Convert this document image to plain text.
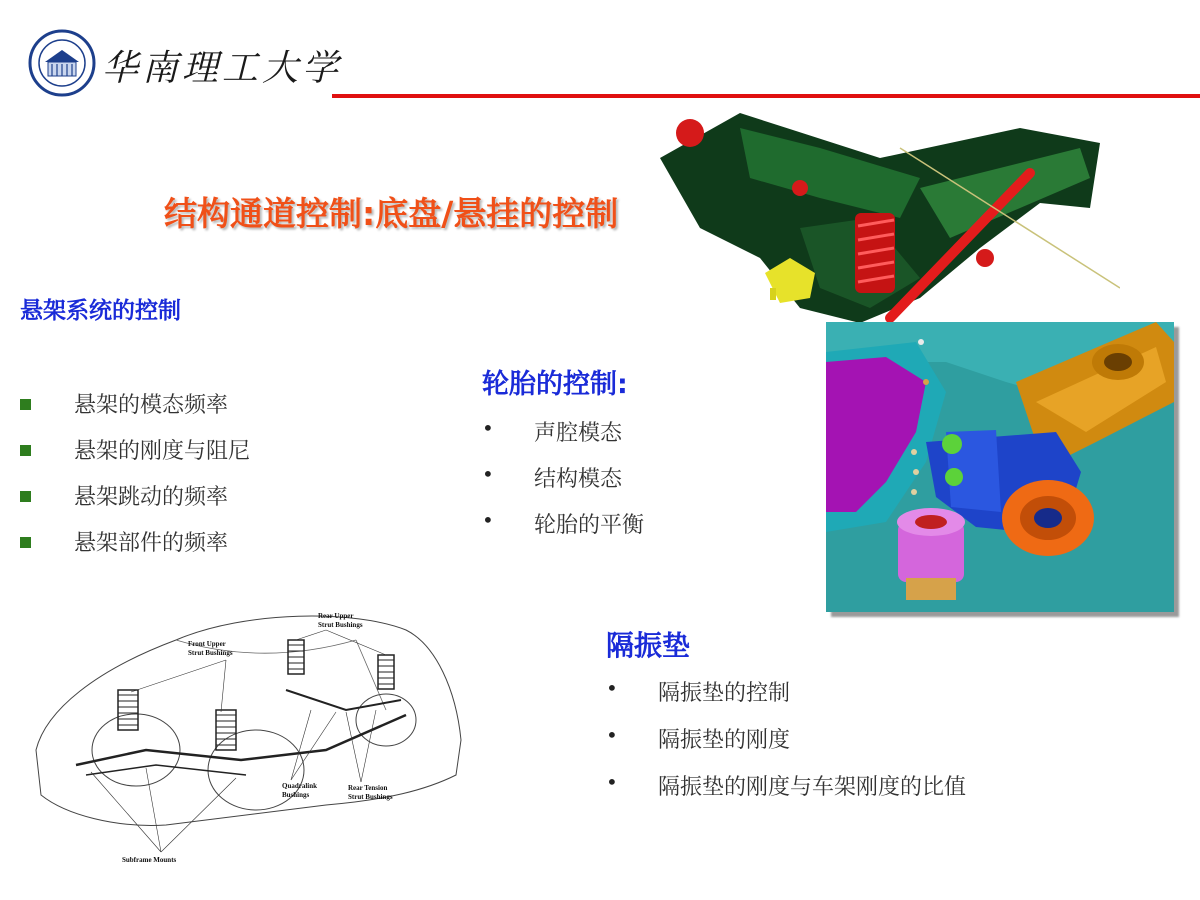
华南理工大学
结构通道控制:底盘/悬挂的控制
悬架系统的控制
悬架的模态频率
悬架的刚度与阻尼
悬架跳动的频率
悬架部件的频率
轮胎的控制:
• 声腔模态
• 结构模态
• 轮胎的平衡
Front Upper
Strut Bushings
Rear Upper
Strut Bushings
Quadralink
Bushings
Rear Tension
Strut Bushings
Subframe Mounts
隔振垫
• 隔振垫的控制
• 隔振垫的刚度
• 隔振垫的刚度与车架刚度的比值
